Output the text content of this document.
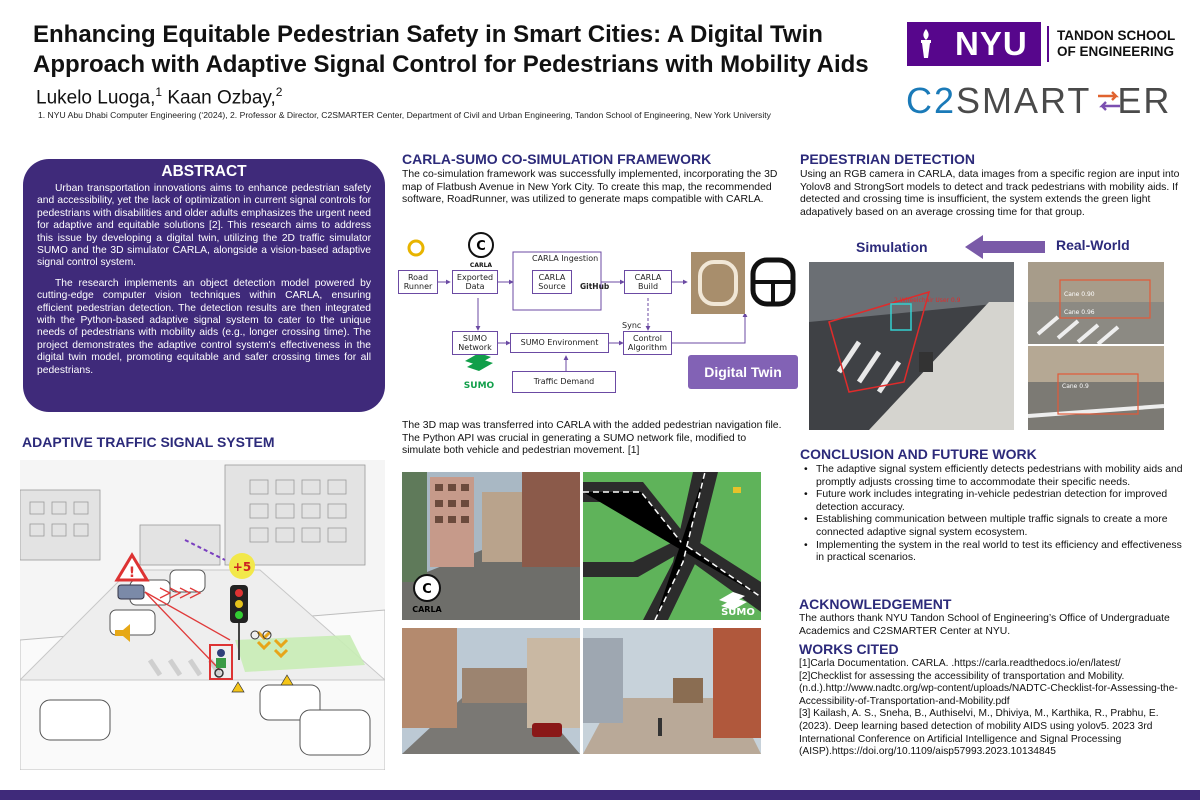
Enhancing Equitable Pedestrian Safety in Smart Cities: A Digital Twin Approach with Adaptive Signal Control for Pedestrians with Mobility Aids
Lukelo Luoga,$^1$ Kaan Ozbay,$^2$
1. NYU Abu Dhabi Computer Engineering (‘2024), 2. Professor & Director, C2SMARTER Center, Department of Civil and Urban Engineering, Tandon School of Engineering, New York University
NYU TANDON SCHOOL
OF ENGINEERING
C2SMART ER
ABSTRACT

Urban transportation innovations aims to enhance pedestrian safety and accessibility, yet the lack of optimization in current signal controls for pedestrians with disabilities and older adults emphasizes the urgent need for adaptive and equitable solutions [2]. This research aims to address this issue by developing a digital twin, utilizing the 2D traffic simulator SUMO and the 3D simulator CARLA, alongside a vision-based adaptive signal control system.

The research implements an object detection model powered by cutting-edge computer vision techniques within CARLA, ensuring efficient pedestrian detection. The detection results are then integrated with the Python-based adaptive signal system to cater to the unique needs of pedestrians with mobility aids (e.g., longer crossing time). The project demonstrates the adaptive control system's effectiveness in the digital twin model, promoting equitable and safer crossing times for all pedestrians.

ADAPTIVE TRAFFIC SIGNAL SYSTEM
!	+5
CARLA-SUMO CO-SIMULATION FRAMEWORK
The co-simulation framework was successfully implemented, incorporating the 3D map of Flatbush Avenue in New York City. To create this map, the recommended software, RoadRunner, was utilized to generate maps compatible with CARLA.
C
SUMO
CARLA
Road Runner
Exported Data
CARLA Ingestion
CARLA Source	GitHub
CARLA Build
SUMO Network
SUMO Environment
Sync
Control Algorithm
Traffic Demand
Digital Twin
The 3D map was transferred into CARLA with the added pedestrian navigation file. The Python API was crucial in generating a SUMO network file, modified to simulate both vehicle and pedestrian movement. [1]
C
CARLA	SUMO
PEDESTRIAN DETECTION
Using an RGB camera in CARLA, data images from a specific region are input into Yolov8 and StrongSort models to detect and track pedestrians with mobility aids. If detected and crossing time is insufficient, the system extends the green light adapatively based on an average crossing time for that group.
Simulation	Real-World
2 Wheelchair User 0.9
Cane 0.90
Cane 0.96
Cane 0.9
CONCLUSION AND FUTURE WORK
• The adaptive signal system efficiently detects pedestrians with mobility aids and promptly adjusts crossing time to accommodate their specific needs.
• Future work includes integrating in-vehicle pedestrian detection for improved detection accuracy.
• Establishing communication between multiple traffic signals to create a more connected adaptive signal system ecosystem.
• Implementing the system in the real world to test its efficiency and effectiveness in practical scenarios.
ACKNOWLEDGEMENT
The authors thank NYU Tandon School of Engineering’s Office of Undergraduate Academics and C2SMARTER Center at NYU.
WORKS CITED

[1]Carla Documentation. CARLA. .https://carla.readthedocs.io/en/latest/

[2]Checklist for assessing the accessibility of transportation and Mobility. (n.d.).http://www.nadtc.org/wp-content/uploads/NADTC-Checklist-for-Assessing-the-Accessibility-of-Transportation-and-Mobility.pdf

[3] Kailash, A. S., Sneha, B., Authiselvi, M., Dhiviya, M., Karthika, R., Prabhu, E. (2023). Deep learning based detection of mobility AIDS using yolov5. 2023 3rd International Conference on Artificial Intelligence and Signal Processing (AISP).https://doi.org/10.1109/aisp57993.2023.10134845
